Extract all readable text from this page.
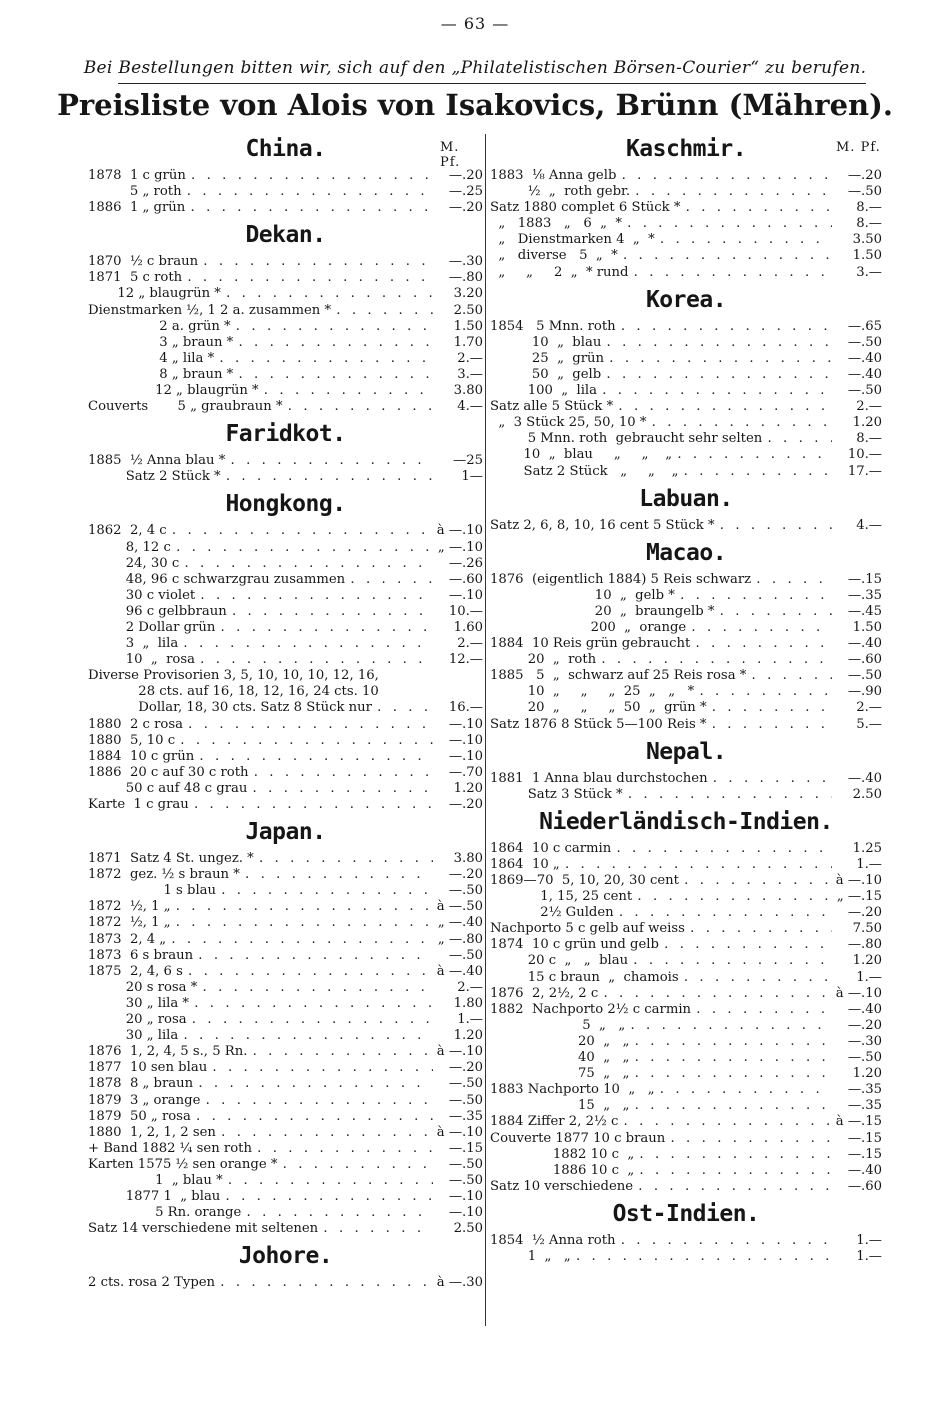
— 63 —
Bei Bestellungen bitten wir, sich auf den „Philatelistischen Börsen-Courier“ zu berufen.
Preisliste von Alois von Isakovics, Brünn (Mähren).
M. Pf.
China.
1878  1 c grün .  .	—.20
5 „ roth .  .	—.25
1886  1 „ grün .  .	—.20
Dekan.
1870  ½ c braun .  .	—.30
1871  5 c roth .  .	—.80
12 „ blaugrün * .  .	3.20
Dienstmarken ½, 1 2 a. zusammen * .  .	2.50
2 a. grün * .  .	1.50
3 „ braun * .  .	1.70
4 „ lila * .  .	2.—
8 „ braun * .  .	3.—
12 „ blaugrün * .  .	3.80
Couverts       5 „ graubraun * .  .	4.—
Faridkot.
1885  ½ Anna blau * .  .	—25
Satz 2 Stück * .  .	1—
Hongkong.
1862  2, 4 c .  .	à —.10
8, 12 c .  .	„ —.10
24, 30 c .  .	—.26
48, 96 c schwarzgrau zusammen .  .	—.60
30 c violet .  .	—.10
96 c gelbbraun .  .	10.—
2 Dollar grün .  .	1.60
3  „  lila .  .	2.—
10  „  rosa .  .	12.—
Diverse Provisorien 3, 5, 10, 10, 10, 12, 16,
28 cts. auf 16, 18, 12, 16, 24 cts. 10
Dollar, 18, 30 cts. Satz 8 Stück nur .  .	16.—
1880  2 c rosa .  .	—.10
1880  5, 10 c .  .	—.10
1884  10 c grün .  .	—.10
1886  20 c auf 30 c roth .  .	—.70
50 c auf 48 c grau .  .	1.20
Karte  1 c grau .  .	—.20
Japan.
1871  Satz 4 St. ungez. * .  .	3.80
1872  gez. ½ s braun * .  .	—.20
1 s blau .  .	—.50
1872  ½, 1 „ .  .	à —.50
1872  ½, 1 „ .  .	„ —.40
1873  2, 4 „ .  .	„ —.80
1873  6 s braun .  .	—.50
1875  2, 4, 6 s .  .	à —.40
20 s rosa * .  .	2.—
30 „ lila * .  .	1.80
20 „ rosa .  .	1.—
30 „ lila .  .	1.20
1876  1, 2, 4, 5 s., 5 Rn. .  .	à —.10
1877  10 sen blau .  .	—.20
1878  8 „ braun .  .	—.50
1879  3 „ orange .  .	—.50
1879  50 „ rosa .  .	—.35
1880  1, 2, 1, 2 sen .  .	à —.10
+ Band 1882 ¼ sen roth .  .	—.15
Karten 1575 ½ sen orange * .  .	—.50
1  „ blau * .  .	—.50
1877 1  „ blau .  .	—.10
5 Rn. orange .  .	—.10
Satz 14 verschiedene mit seltenen .  .	2.50
Johore.
2 cts. rosa 2 Typen .  .	à —.30
M. Pf.
Kaschmir.
1883  ⅛ Anna gelb .  .	—.20
½  „  roth gebr. .  .	—.50
Satz 1880 complet 6 Stück * .  .	8.—
„   1883   „   6  „  * .  .	8.—
„   Dienstmarken 4  „  * .  .	3.50
„   diverse   5  „  * .  .	1.50
„     „     2  „  * rund .  .	3.—
Korea.
1854   5 Mnn. roth .  .	—.65
10  „  blau .  .	—.50
25  „  grün .  .	—.40
50  „  gelb .  .	—.40
100  „  lila .  .	—.50
Satz alle 5 Stück * .  .	2.—
„  3 Stück 25, 50, 10 * .  .	1.20
5 Mnn. roth  gebraucht sehr selten .  .	8.—
10  „  blau     „     „    „ .  .	10.—
Satz 2 Stück   „     „    „ .  .	17.—
Labuan.
Satz 2, 6, 8, 10, 16 cent 5 Stück * .  .	4.—
Macao.
1876  (eigentlich 1884) 5 Reis schwarz .  .	—.15
10  „  gelb * .  .	—.35
20  „  braungelb * .  .	—.45
200  „  orange .  .	1.50
1884  10 Reis grün gebraucht .  .	—.40
20  „  roth .  .	—.60
1885   5  „  schwarz auf 25 Reis rosa * .  .	—.50
10  „     „     „  25  „   „   * .  .	—.90
20  „     „     „  50  „  grün * .  .	2.—
Satz 1876 8 Stück 5—100 Reis * .  .	5.—
Nepal.
1881  1 Anna blau durchstochen .  .	—.40
Satz 3 Stück * .  .	2.50
Niederländisch-Indien.
1864  10 c carmin .  .	1.25
1864  10 „ .  .	1.—
1869—70  5, 10, 20, 30 cent .  .	à —.10
1, 15, 25 cent .  .	„ —.15
2½ Gulden .  .	—.20
Nachporto 5 c gelb auf weiss .  .	7.50
1874  10 c grün und gelb .  .	—.80
20 c  „   „  blau .  .	1.20
15 c braun  „  chamois .  .	1.—
1876  2, 2½, 2 c .  .	à —.10
1882  Nachporto 2½ c carmin .  .	—.40
5  „   „ .  .	—.20
20  „   „ .  .	—.30
40  „   „ .  .	—.50
75  „   „ .  .	1.20
1883 Nachporto 10  „   „ .  .	—.35
15  „   „ .  .	—.35
1884 Ziffer 2, 2½ c .  .	à —.15
Couverte 1877 10 c braun .  .	—.15
1882 10 c  „ .  .	—.15
1886 10 c  „ .  .	—.40
Satz 10 verschiedene .  .	—.60
Ost-Indien.
1854  ½ Anna roth .  .	1.—
1  „   „ .  .	1.—
